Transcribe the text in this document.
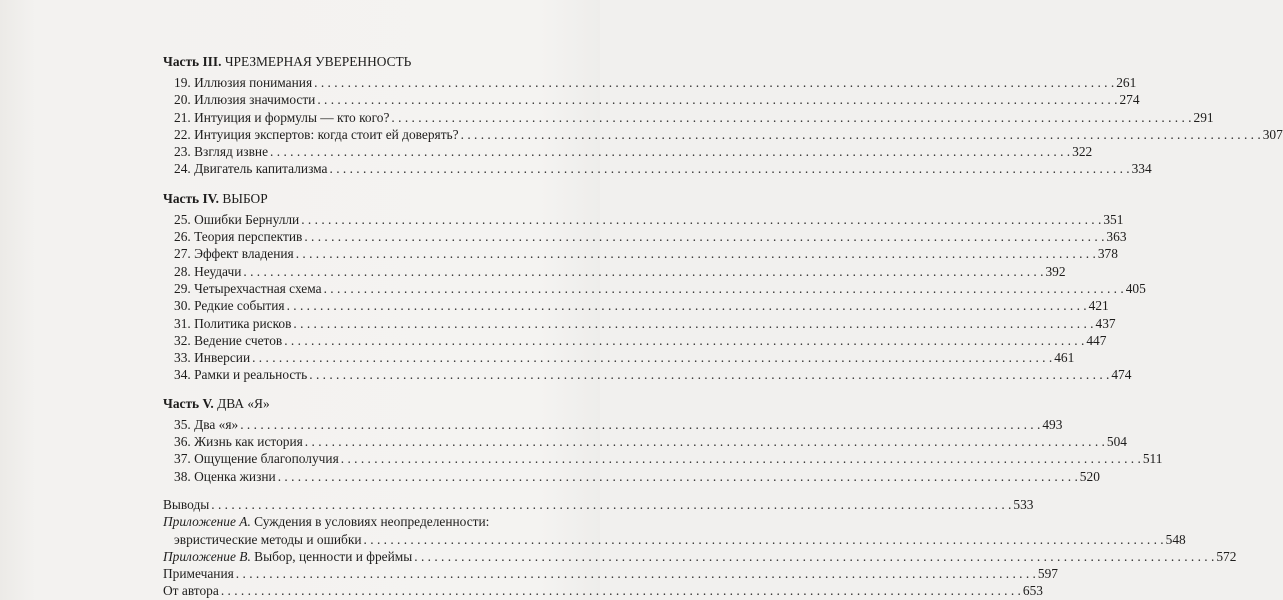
Часть III. ЧРЕЗМЕРНАЯ УВЕРЕННОСТЬ

19. Иллюзия понимания . . .	261
20. Иллюзия значимости . . .	274
21. Интуиция и формулы — кто кого? . . .	291
22. Интуиция экспертов: когда стоит ей доверять? . . .	307
23. Взгляд извне . . .	322
24. Двигатель капитализма . . .	334

Часть IV. ВЫБОР

25. Ошибки Бернулли . . .	351
26. Теория перспектив . . .	363
27. Эффект владения . . .	378
28. Неудачи . . .	392
29. Четырехчастная схема . . .	405
30. Редкие события . . .	421
31. Политика рисков . . .	437
32. Ведение счетов . . .	447
33. Инверсии . . .	461
34. Рамки и реальность . . .	474

Часть V. ДВА «Я»

35. Два «я» . . .	493
36. Жизнь как история . . .	504
37. Ощущение благополучия . . .	511
38. Оценка жизни . . .	520
Выводы . . .	533
Приложение А. Суждения в условиях неопределенности:
эвристические методы и ошибки . . .	548
Приложение В. Выбор, ценности и фреймы . . .	572
Примечания . . .	597
От автора . . .	653
